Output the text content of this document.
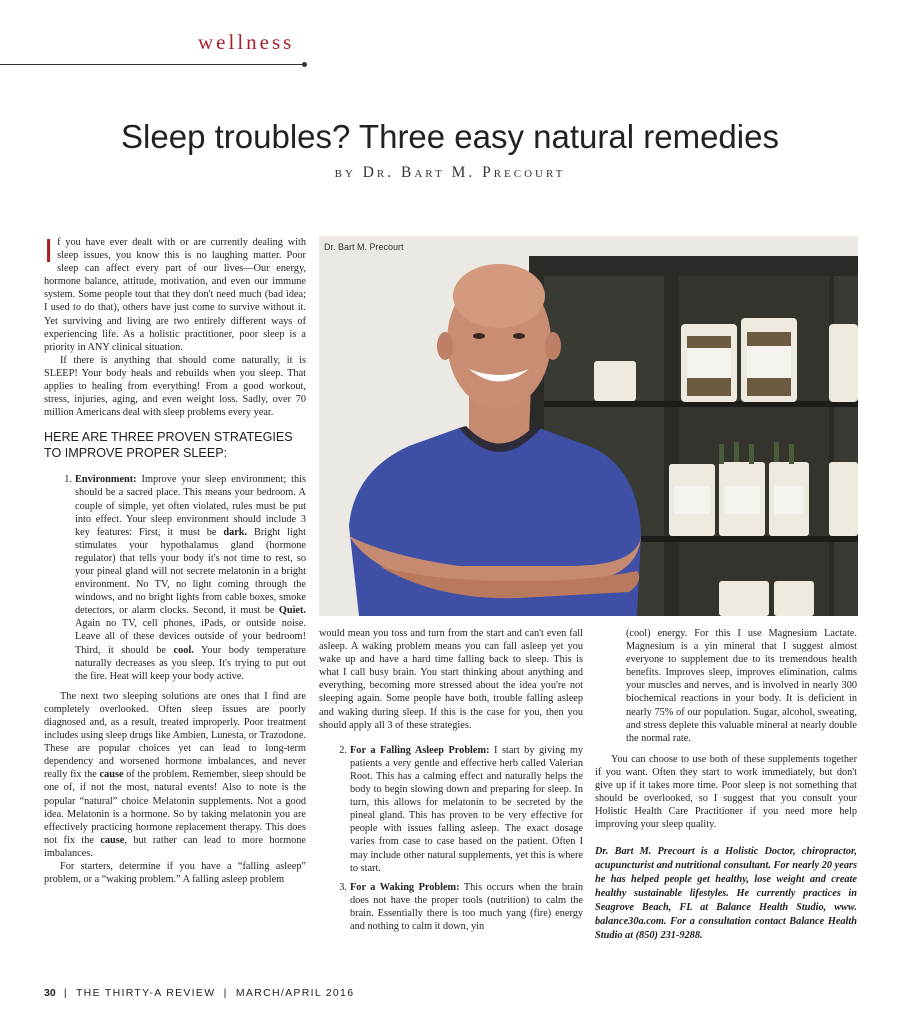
wellness
Sleep troubles? Three easy natural remedies
by Dr. Bart M. Precourt

If you have ever dealt with or are currently dealing with sleep issues, you know this is no laughing matter. Poor sleep can affect every part of our lives—Our energy, hormone balance, attitude, motivation, and even our immune system. Some people tout that they don't need much (bad idea; I used to do that), others have just come to survive without it. Yet surviving and living are two entirely different ways of experiencing life. As a holistic practitioner, poor sleep is a priority in ANY clinical situation.

If there is anything that should come naturally, it is SLEEP! Your body heals and rebuilds when you sleep. That applies to healing from everything! From a good workout, stress, injuries, aging, and even weight loss. Sadly, over 70 million Americans deal with sleep problems every year.

HERE ARE THREE PROVEN STRATEGIES TO IMPROVE PROPER SLEEP:

1. Environment: Improve your sleep environment; this should be a sacred place. This means your bedroom. A couple of simple, yet often violated, rules must be put into effect. Your sleep environment should include 3 key features: First, it must be dark. Bright light stimulates your hypothalamus gland (hormone regulator) that tells your body it's not time to rest, so your pineal gland will not secrete melatonin in a bright environment. No TV, no light coming through the windows, and no bright lights from cable boxes, smoke detectors, or alarm clocks. Second, it must be Quiet. Again no TV, cell phones, iPads, or outside noise. Leave all of these devices outside of your bedroom! Third, it should be cool. Your body temperature naturally decreases as you sleep. It's trying to put out the fire. Heat will keep your body active.

The next two sleeping solutions are ones that I find are completely overlooked. Often sleep issues are poorly diagnosed and, as a result, treated improperly. Poor treatment includes using sleep drugs like Ambien, Lunesta, or Trazodone. These are popular choices yet can lead to long-term dependency and worsened hormone imbalances, and never really fix the cause of the problem. Remember, sleep should be one of, if not the most, natural events! Also to note is the popular “natural” choice Melatonin supplements. Not a good idea. Melatonin is a hormone. So by taking melatonin you are effectively practicing hormone replacement therapy. This does not fix the cause, but rather can lead to more hormone imbalances.

For starters, determine if you have a “falling asleep” problem, or a “waking problem.” A falling asleep problem

Dr. Bart M. Precourt

would mean you toss and turn from the start and can't even fall asleep. A waking problem means you can fall asleep yet you wake up and have a hard time falling back to sleep. This is what I call busy brain. You start thinking about anything and everything, becoming more stressed about the idea you're not sleeping again. Some people have both, trouble falling asleep and waking during sleep. If this is the case for you, then you should apply all 3 of these strategies.

2. For a Falling Asleep Problem: I start by giving my patients a very gentle and effective herb called Valerian Root. This has a calming effect and naturally helps the body to begin slowing down and preparing for sleep. In turn, this allows for melatonin to be secreted by the pineal gland. This has proven to be very effective for people with issues falling asleep. The exact dosage varies from case to case based on the patient. Often I may include other natural supplements, yet this is where to start.
3. For a Waking Problem: This occurs when the brain does not have the proper tools (nutrition) to calm the brain. Essentially there is too much yang (fire) energy and nothing to calm it down, yin

(cool) energy. For this I use Magnesium Lactate. Magnesium is a yin mineral that I suggest almost everyone to supplement due to its tremendous health benefits. Improves sleep, improves elimination, calms your muscles and nerves, and is involved in nearly 300 biochemical reactions in your body. It is deficient in nearly 75% of our population. Sugar, alcohol, sweating, and stress deplete this valuable mineral at nearly double the normal rate.

You can choose to use both of these supplements together if you want. Often they start to work immediately, but don't give up if it takes more time. Poor sleep is not something that should be overlooked, so I suggest that you consult your Holistic Health Care Practitioner if you need more help improving your sleep quality.

Dr. Bart M. Precourt is a Holistic Doctor, chiropractor, acupuncturist and nutritional consultant. For nearly 20 years he has helped people get healthy, lose weight and create healthy sustainable lifestyles. He currently practices in Seagrove Beach, FL at Balance Health Studio, www. balance30a.com. For a consultation contact Balance Health Studio at (850) 231-9288.

30 | THE THIRTY-A REVIEW | MARCH/APRIL 2016
